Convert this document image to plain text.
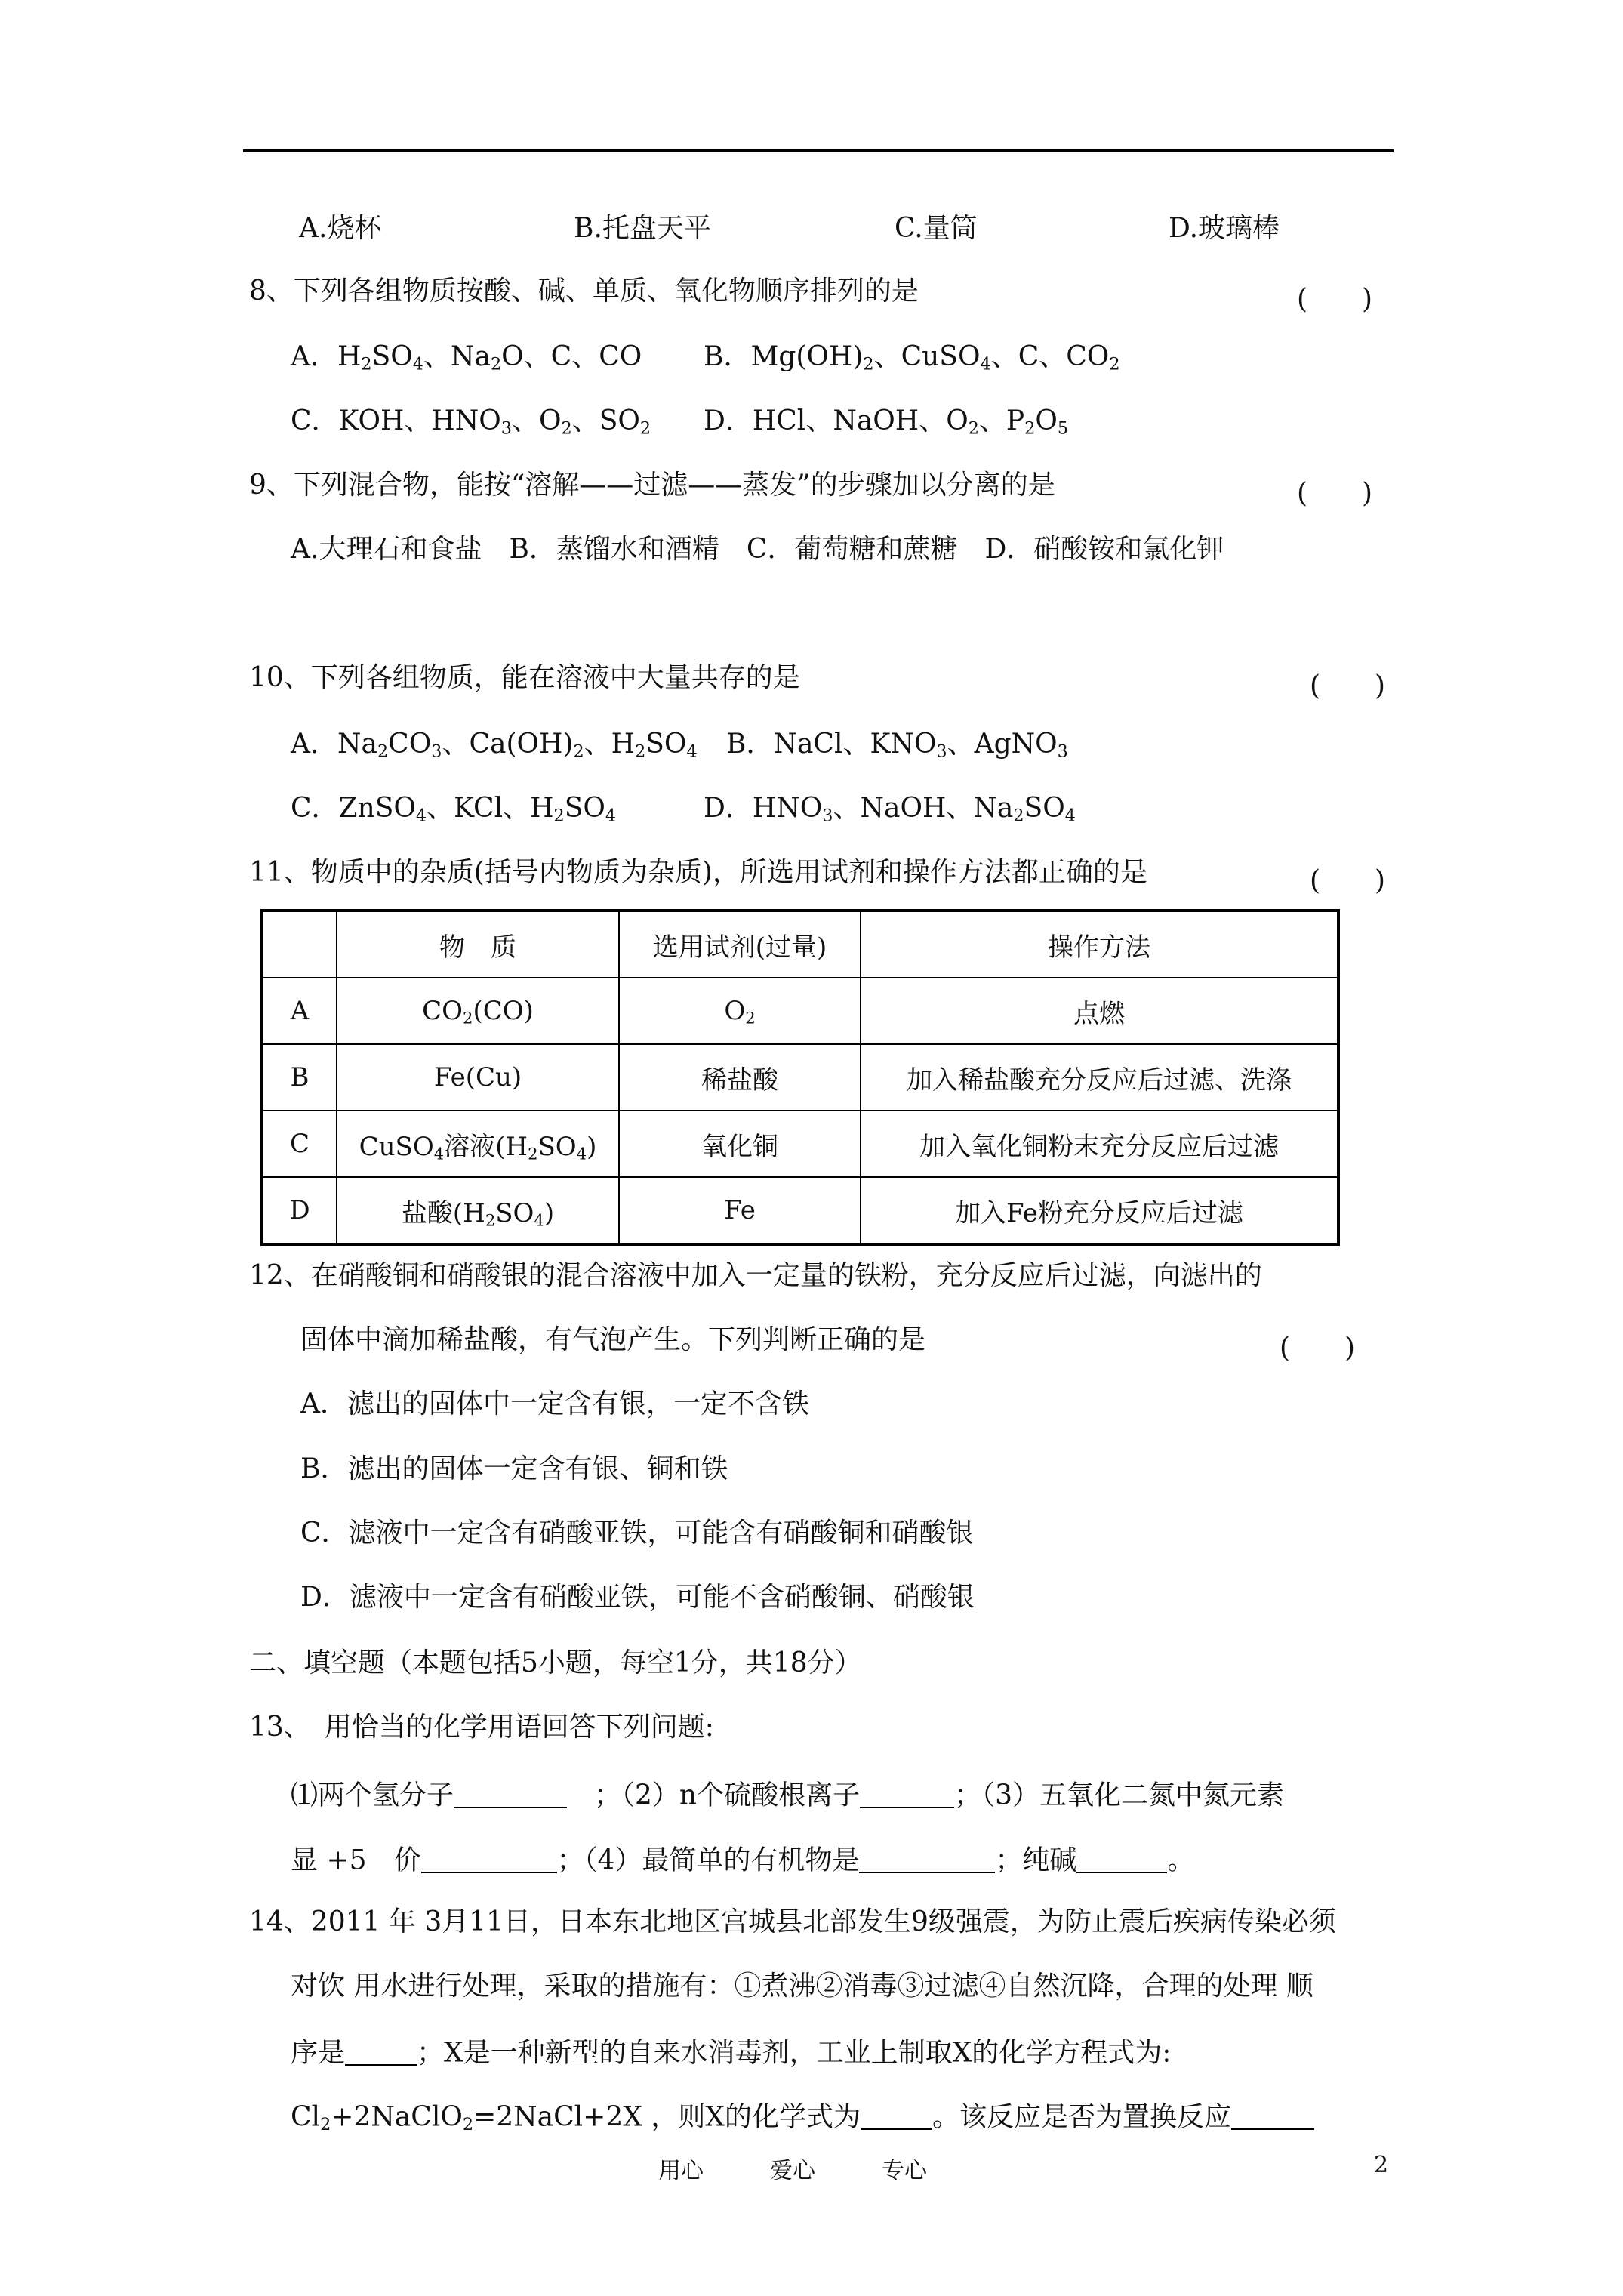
A.烧杯	B.托盘天平	C.量筒	D.玻璃棒
8、下列各组物质按酸、碱、单质、氧化物顺序排列的是	(　　)
A．$H_2SO_4$、$Na_2O$、C、CO B．$Mg(OH)_2$、CuSO$_4$、C、$CO_2$
C．KOH、$HNO_3$、$O_2$、$SO_2$ D．HCl、NaOH、$O_2$、$P_2O_5$
9、下列混合物，能按“溶解——过滤——蒸发”的步骤加以分离的是	(　　)
A.大理石和食盐　B．蒸馏水和酒精　C．葡萄糖和蔗糖　D．硝酸铵和氯化钾
10、下列各组物质，能在溶液中大量共存的是	(　　)
A．$Na_2CO_3$、$Ca(OH)_2$、$H_2SO_4$ B．NaCl、$KNO_3$、AgNO$_3$
C．ZnSO$_4$、KCl、$H_2SO_4$	D．$HNO_3$、NaOH、$Na_2SO_4$
11、物质中的杂质(括号内物质为杂质)，所选用试剂和操作方法都正确的是	(　　)
	物　质	选用试剂(过量)	操作方法
A	$CO_2(CO)$	$O_2$	点燃
B	Fe(Cu)	稀盐酸	加入稀盐酸充分反应后过滤、洗涤
C	CuSO$_4$溶液$(H_2SO_4)$	氧化铜	加入氧化铜粉末充分反应后过滤
D	盐酸$(H_2SO_4)$	Fe	加入Fe粉充分反应后过滤
12、在硝酸铜和硝酸银的混合溶液中加入一定量的铁粉，充分反应后过滤，向滤出的
固体中滴加稀盐酸，有气泡产生。下列判断正确的是	(　　)
A．滤出的固体中一定含有银，一定不含铁
B．滤出的固体一定含有银、铜和铁
C．滤液中一定含有硝酸亚铁，可能含有硝酸铜和硝酸银
D．滤液中一定含有硝酸亚铁，可能不含硝酸铜、硝酸银
二、填空题（本题包括5小题，每空1分，共18分）
13、　用恰当的化学用语回答下列问题:
⑴两个氢分子	　；（2）n个硫酸根离子	；（3）五氧化二氮中氮元素
显 +5　价	；（4）最简单的有机物是	；纯碱	。
14、2011 年 3月11日，日本东北地区宫城县北部发生9级强震，为防止震后疾病传染必须
对饮 用水进行处理，采取的措施有：①煮沸②消毒③过滤④自然沉降，合理的处理 顺
序是	；X是一种新型的自来水消毒剂，工业上制取X的化学方程式为:
$Cl_2+2NaClO_2=2NaCl+2X$ ，则X的化学式为	。该反应是否为置换反应
用心	爱心	专心	2
